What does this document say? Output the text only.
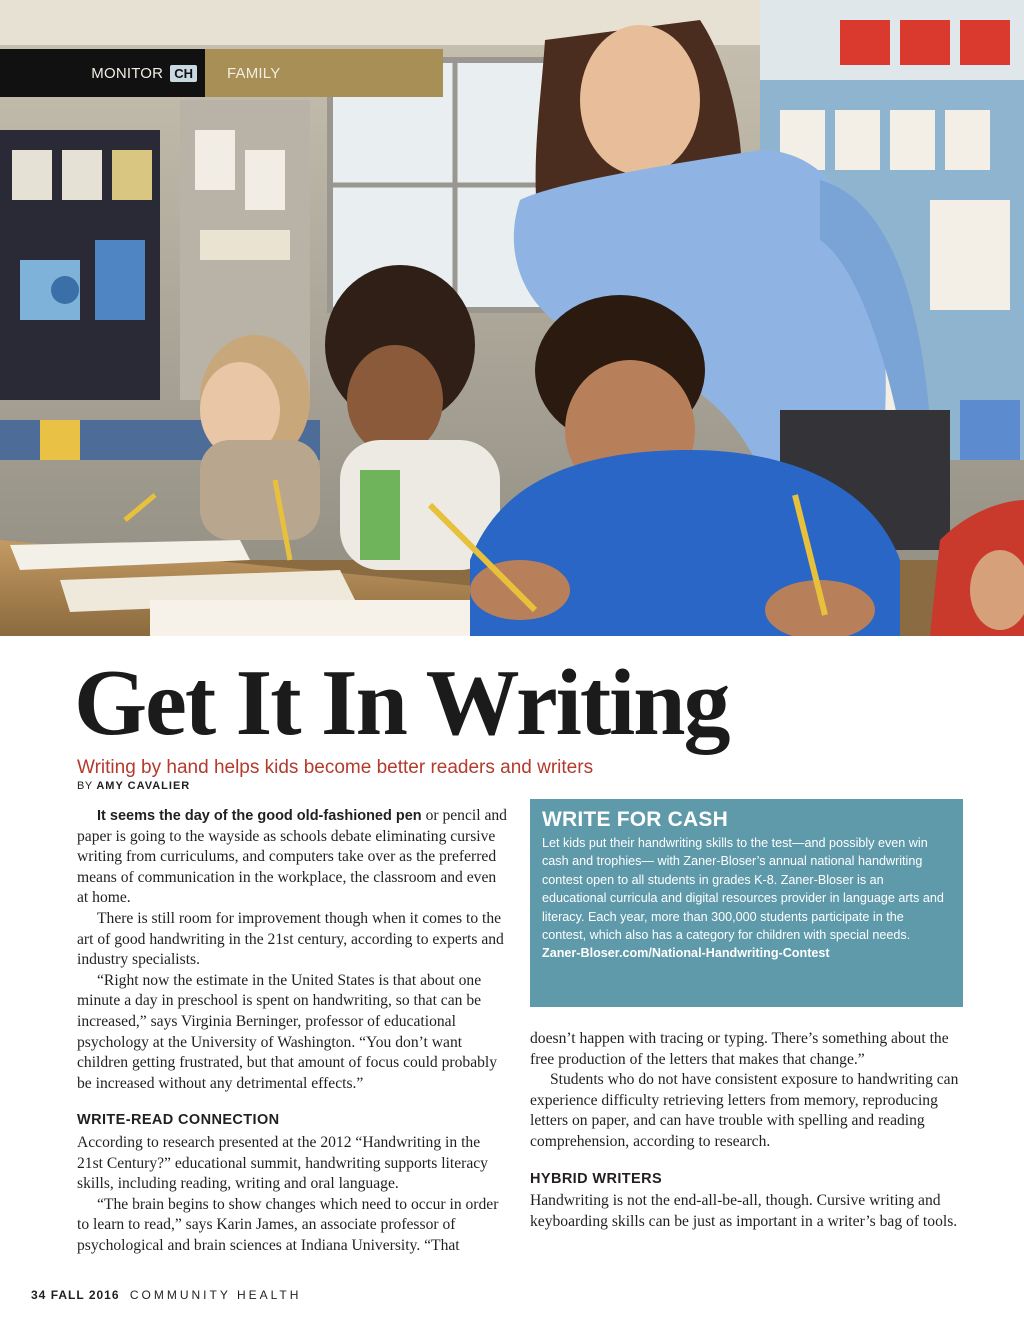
MONITOR CH FAMILY
Get It In Writing
Writing by hand helps kids become better readers and writers
BY AMY CAVALIER

It seems the day of the good old-fashioned pen or pencil and paper is going to the wayside as schools debate eliminating cursive writing from curriculums, and computers take over as the preferred means of communication in the workplace, the classroom and even at home.

There is still room for improvement though when it comes to the art of good handwriting in the 21st century, according to experts and industry specialists.

“Right now the estimate in the United States is that about one minute a day in preschool is spent on handwriting, so that can be increased,” says Virginia Berninger, professor of educational psychology at the University of Washington. “You don’t want children getting frustrated, but that amount of focus could probably be increased without any detrimental effects.”

WRITE-READ CONNECTION

According to research presented at the 2012 “Handwriting in the 21st Century?” educational summit, handwriting supports literacy skills, including reading, writing and oral language.

“The brain begins to show changes which need to occur in order to learn to read,” says Karin James, an associate professor of psychological and brain sciences at Indiana University. “That

WRITE FOR CASH

Let kids put their handwriting skills to the test—and possibly even win cash and trophies— with Zaner-Bloser’s annual national handwriting contest open to all students in grades K-8. Zaner-Bloser is an educational curricula and digital resources provider in language arts and literacy. Each year, more than 300,000 students participate in the contest, which also has a category for children with special needs. Zaner-Bloser.com/National-Handwriting-Contest

doesn’t happen with tracing or typing. There’s something about the free production of the letters that makes that change.”

Students who do not have consistent exposure to handwriting can experience difficulty retrieving letters from memory, reproducing letters on paper, and can have trouble with spelling and reading comprehension, according to research.

HYBRID WRITERS

Handwriting is not the end-all-be-all, though. Cursive writing and keyboarding skills can be just as important in a writer’s bag of tools.

34 FALL 2016 COMMUNITY HEALTH
